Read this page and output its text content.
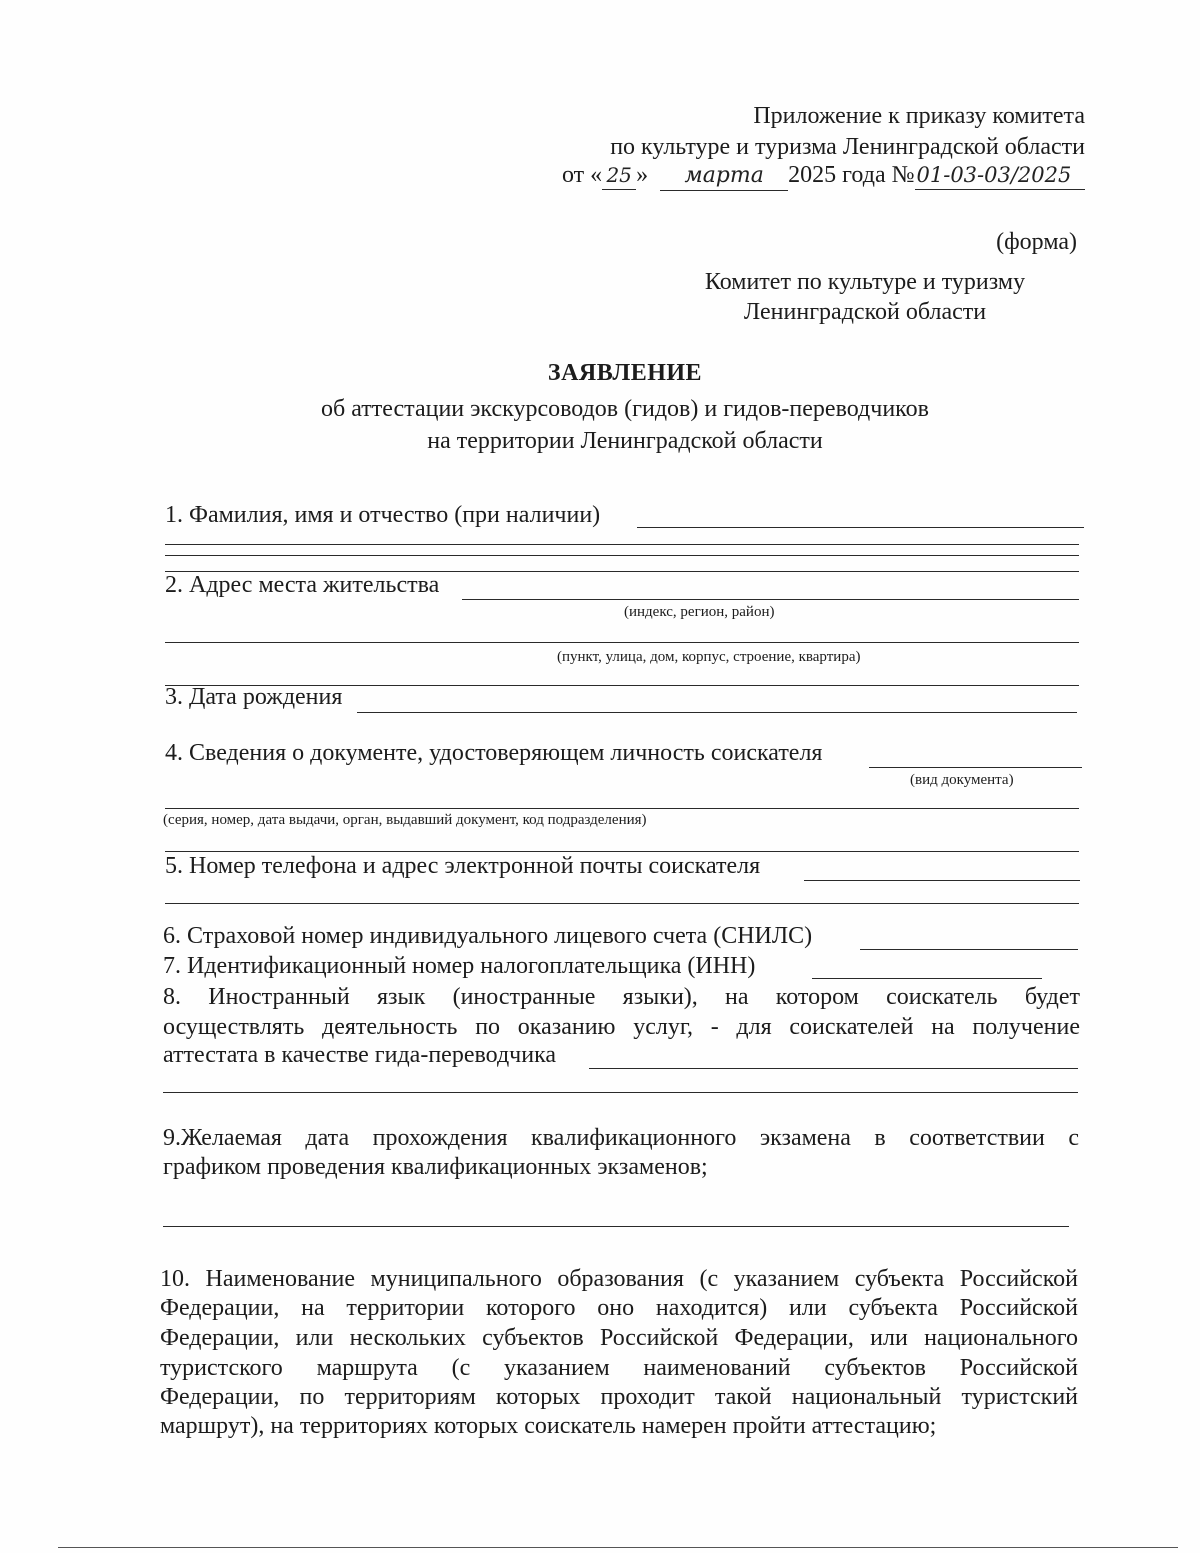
Приложение к приказу комитета
по культуре и туризма Ленинградской области
от « 25 » марта 2025 года №01-03-03/2025
(форма)
Комитет по культуре и туризму
Ленинградской области
ЗАЯВЛЕНИЕ
об аттестации экскурсоводов (гидов) и гидов-переводчиков
на территории Ленинградской области
1. Фамилия, имя и отчество (при наличии)
2. Адрес места жительства
(индекс, регион, район)
(пункт, улица, дом, корпус, строение, квартира)
3. Дата рождения
4. Сведения о документе, удостоверяющем личность соискателя
(вид документа)
(серия, номер, дата выдачи, орган, выдавший документ, код подразделения)
5. Номер телефона и адрес электронной почты соискателя
6. Страховой номер индивидуального лицевого счета (СНИЛС)
7. Идентификационный номер налогоплательщика (ИНН)
8. Иностранный язык (иностранные языки), на котором соискатель будет
осуществлять деятельность по оказанию услуг, - для соискателей на получение
аттестата в качестве гида-переводчика
9.Желаемая дата прохождения квалификационного экзамена в соответствии с
графиком проведения квалификационных экзаменов;
10. Наименование муниципального образования (с указанием субъекта Российской
Федерации, на территории которого оно находится) или субъекта Российской
Федерации, или нескольких субъектов Российской Федерации, или национального
туристского маршрута (с указанием наименований субъектов Российской
Федерации, по территориям которых проходит такой национальный туристский
маршрут), на территориях которых соискатель намерен пройти аттестацию;
